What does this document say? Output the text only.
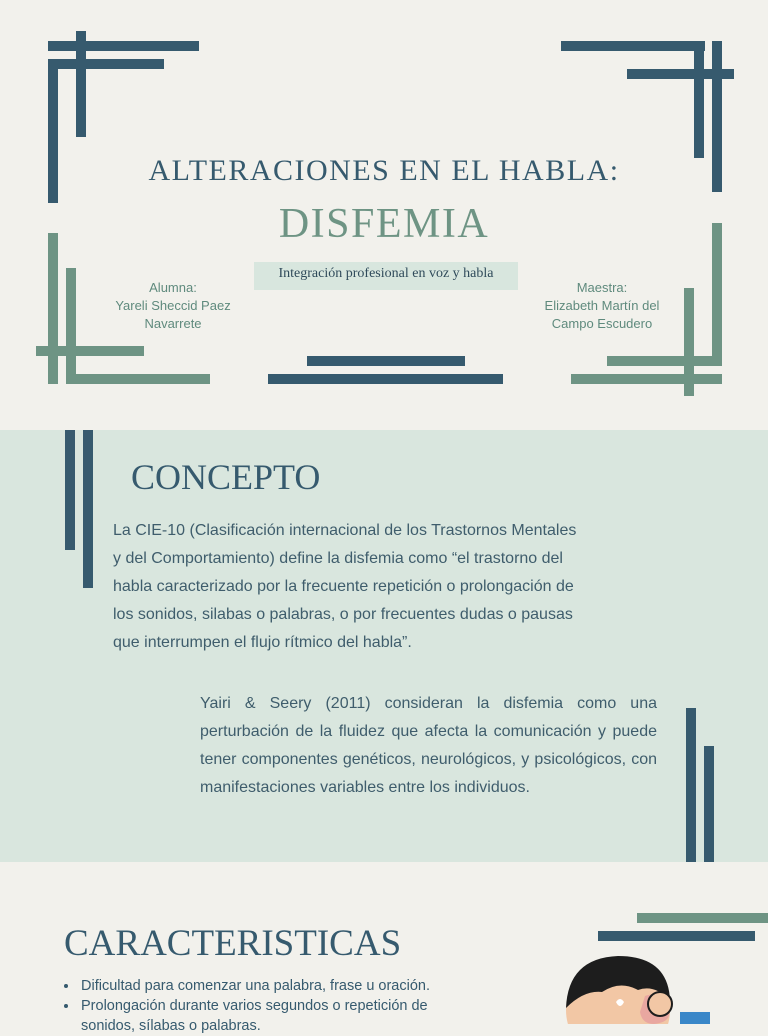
ALTERACIONES EN EL HABLA:
DISFEMIA
Integración profesional en voz y habla
Alumna:
Yareli Sheccid Paez Navarrete
Maestra:
Elizabeth Martín del Campo Escudero
CONCEPTO
La CIE-10 (Clasificación internacional de los Trastornos Mentales y del Comportamiento) define la disfemia como “el trastorno del habla caracterizado por la frecuente repetición o prolongación de los sonidos, silabas o palabras, o por frecuentes dudas o pausas que interrumpen el flujo rítmico del habla”.
Yairi & Seery (2011) consideran la disfemia como una perturbación de la fluidez que afecta la comunicación y puede tener componentes genéticos, neurológicos, y psicológicos, con manifestaciones variables entre los individuos.
CARACTERISTICAS
• Dificultad para comenzar una palabra, frase u oración.
• Prolongación durante varios segundos o repetición de sonidos, sílabas o palabras.
